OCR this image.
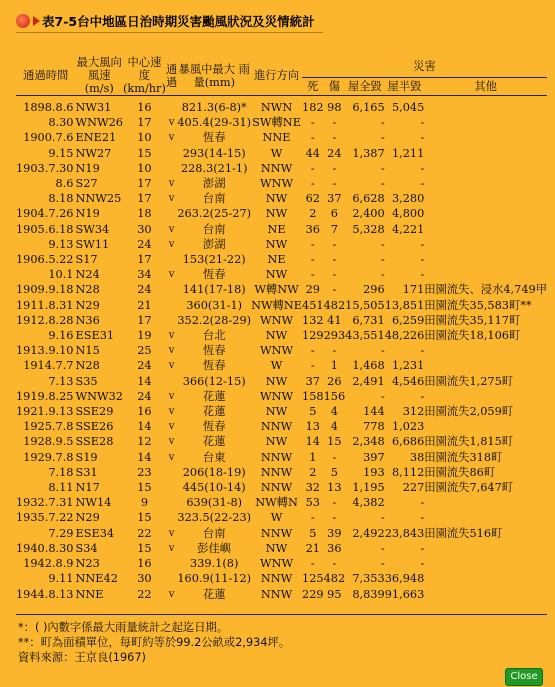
表7-5台中地區日治時期災害颱風狀況及災情統計
通過時間	最大風向 風速(m/s)	中心速度 (km/hr)	通過	暴風中最大 雨量(mm)	進行方向	災害				
						死	傷	屋全毀	屋半毀	其他
1898.8.6	NW31	16		821.3(6-8)*	NWN	182	98	6,165	5,045	
8.30	WNW26	17	v	405.4(29-31)	SW轉NE	-	-	-	-	
1900.7.6	ENE21	10	v	恆春	NNE	-	-	-	-	
9.15	NW27	15		293(14-15)	W	44	24	1,387	1,211	
1903.7.30	N19	10		228.3(21-1)	NNW	-	-	-	-	
8.6	S27	17	v	澎湖	WNW	-	-	-	-	
8.18	NNW25	17	v	台南	NW	62	37	6,628	3,280	
1904.7.26	N19	18		263.2(25-27)	NW	2	6	2,400	4,800	
1905.6.18	SW34	30	v	台南	NE	36	7	5,328	4,221	
9.13	SW11	24	v	澎湖	NW	-	-	-	-	
1906.5.22	S17	17		153(21-22)	NE	-	-	-	-	
10.1	N24	34	v	恆春	NW	-	-	-	-	
1909.9.18	N28	24		141(17-18)	W轉NW	29	-	296	171	田園流失、浸水4,749甲
1911.8.31	N29	21		360(31-1)	NW轉NE	451	482	15,505	13,851	田園流失35,583町**
1912.8.28	N36	17		352.2(28-29)	WNW	132	41	6,731	6,259	田園流失35,117町
9.16	ESE31	19	v	台北	NW	129	293	43,551	48,226	田園流失18,106町
1913.9.10	N15	25	v	恆春	WNW	-	-	-	-	
1914.7.7	N28	24	v	恆春	W	-	1	1,468	1,231	
7.13	S35	14		366(12-15)	NW	37	26	2,491	4,546	田園流失1,275町
1919.8.25	WNW32	24	v	花蓮	WNW	158	156	-	-	
1921.9.13	SSE29	16	v	花蓮	NW	5	4	144	312	田園流失2,059町
1925.7.8	SSE26	14	v	恆春	NNW	13	4	778	1,023	
1928.9.5	SSE28	12	v	花蓮	NW	14	15	2,348	6,686	田園流失1,815町
1929.7.8	S19	14	v	台東	NNW	1	-	397	38	田園流失318町
7.18	S31	23		206(18-19)	NNW	2	5	193	8,112	田園流失86町
8.11	N17	15		445(10-14)	NNW	32	13	1,195	227	田園流失7,647町
1932.7.31	NW14	9		639(31-8)	NW轉N	53	-	4,382	-	
1935.7.22	N29	15		323.5(22-23)	W	-	-	-	-	
7.29	ESE34	22	v	台南	NNW	5	39	2,492	23,843	田園流失516町
1940.8.30	S34	15	v	彭佳嶼	NW	21	36	-	-	
1942.8.9	N23	16		339.1(8)	WNW	-	-	-	-	
9.11	NNE42	30		160.9(11-12)	NNW	125	482	7,353	36,948	
1944.8.13	NNE	22	v	花蓮	NNW	229	95	8,839	91,663	
*：( )內數字係最大雨量統計之起迄日期。
**：町為面積單位，每町約等於99.2公畝或2,934坪。
資料來源：王京良(1967)
Close
